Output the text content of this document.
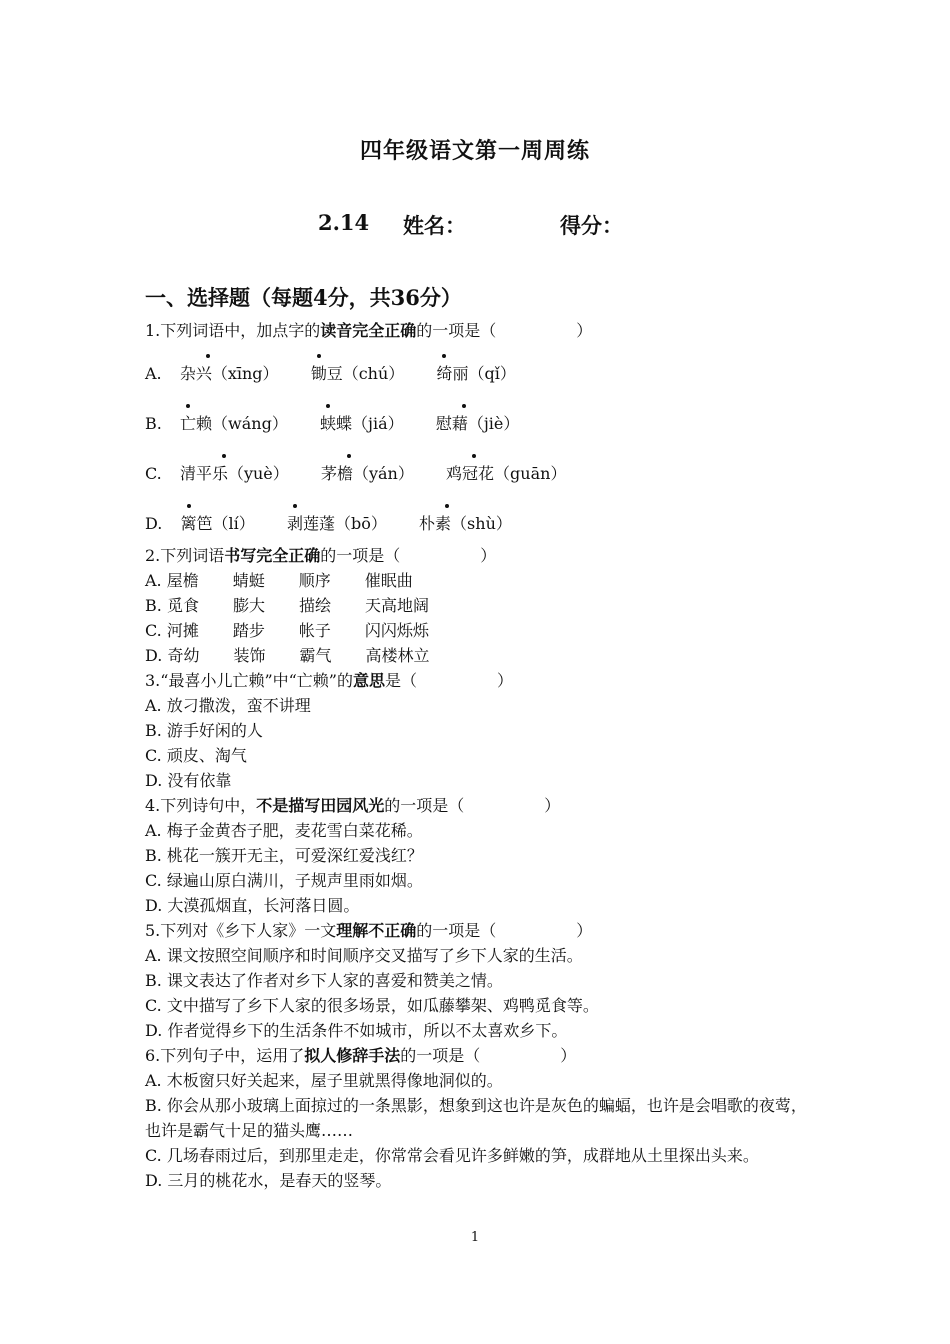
四年级语文第一周周练
2.14 姓名：	得分：
一、选择题（每题4分，共36分）

1.下列词语中，加点字的读音完全正确的一项是（　　　　　）

A. 杂兴（xīng） 锄豆（chú） 绮丽（qǐ）
B. 亡赖（wáng） 蛱蝶（jiá） 慰藉（jiè）
C. 清平乐（yuè） 茅檐（yán） 鸡冠花（guān）
D. 篱笆（lí） 剥莲蓬（bō） 朴素（shù）

2.下列词语书写完全正确的一项是（　　　　　）

A. 屋檐 蜻蜓 顺序 催眠曲

B. 觅食 膨大 描绘 天高地阔

C. 河摊 踏步 帐子 闪闪烁烁

D. 奇幼 装饰 霸气 高楼林立

3.“最喜小儿亡赖”中“亡赖”的意思是（　　　　　）

A. 放刁撒泼，蛮不讲理

B. 游手好闲的人

C. 顽皮、淘气

D. 没有依靠

4.下列诗句中，不是描写田园风光的一项是（　　　　　）

A. 梅子金黄杏子肥，麦花雪白菜花稀。

B. 桃花一簇开无主，可爱深红爱浅红？

C. 绿遍山原白满川，子规声里雨如烟。

D. 大漠孤烟直，长河落日圆。

5.下列对《乡下人家》一文理解不正确的一项是（　　　　　）

A. 课文按照空间顺序和时间顺序交叉描写了乡下人家的生活。

B. 课文表达了作者对乡下人家的喜爱和赞美之情。

C. 文中描写了乡下人家的很多场景，如瓜藤攀架、鸡鸭觅食等。

D. 作者觉得乡下的生活条件不如城市，所以不太喜欢乡下。

6.下列句子中，运用了拟人修辞手法的一项是（　　　　　）

A. 木板窗只好关起来，屋子里就黑得像地洞似的。

B. 你会从那小玻璃上面掠过的一条黑影，想象到这也许是灰色的蝙蝠，也许是会唱歌的夜莺，也许是霸气十足的猫头鹰……

C. 几场春雨过后，到那里走走，你常常会看见许多鲜嫩的笋，成群地从土里探出头来。

D. 三月的桃花水，是春天的竖琴。

1
